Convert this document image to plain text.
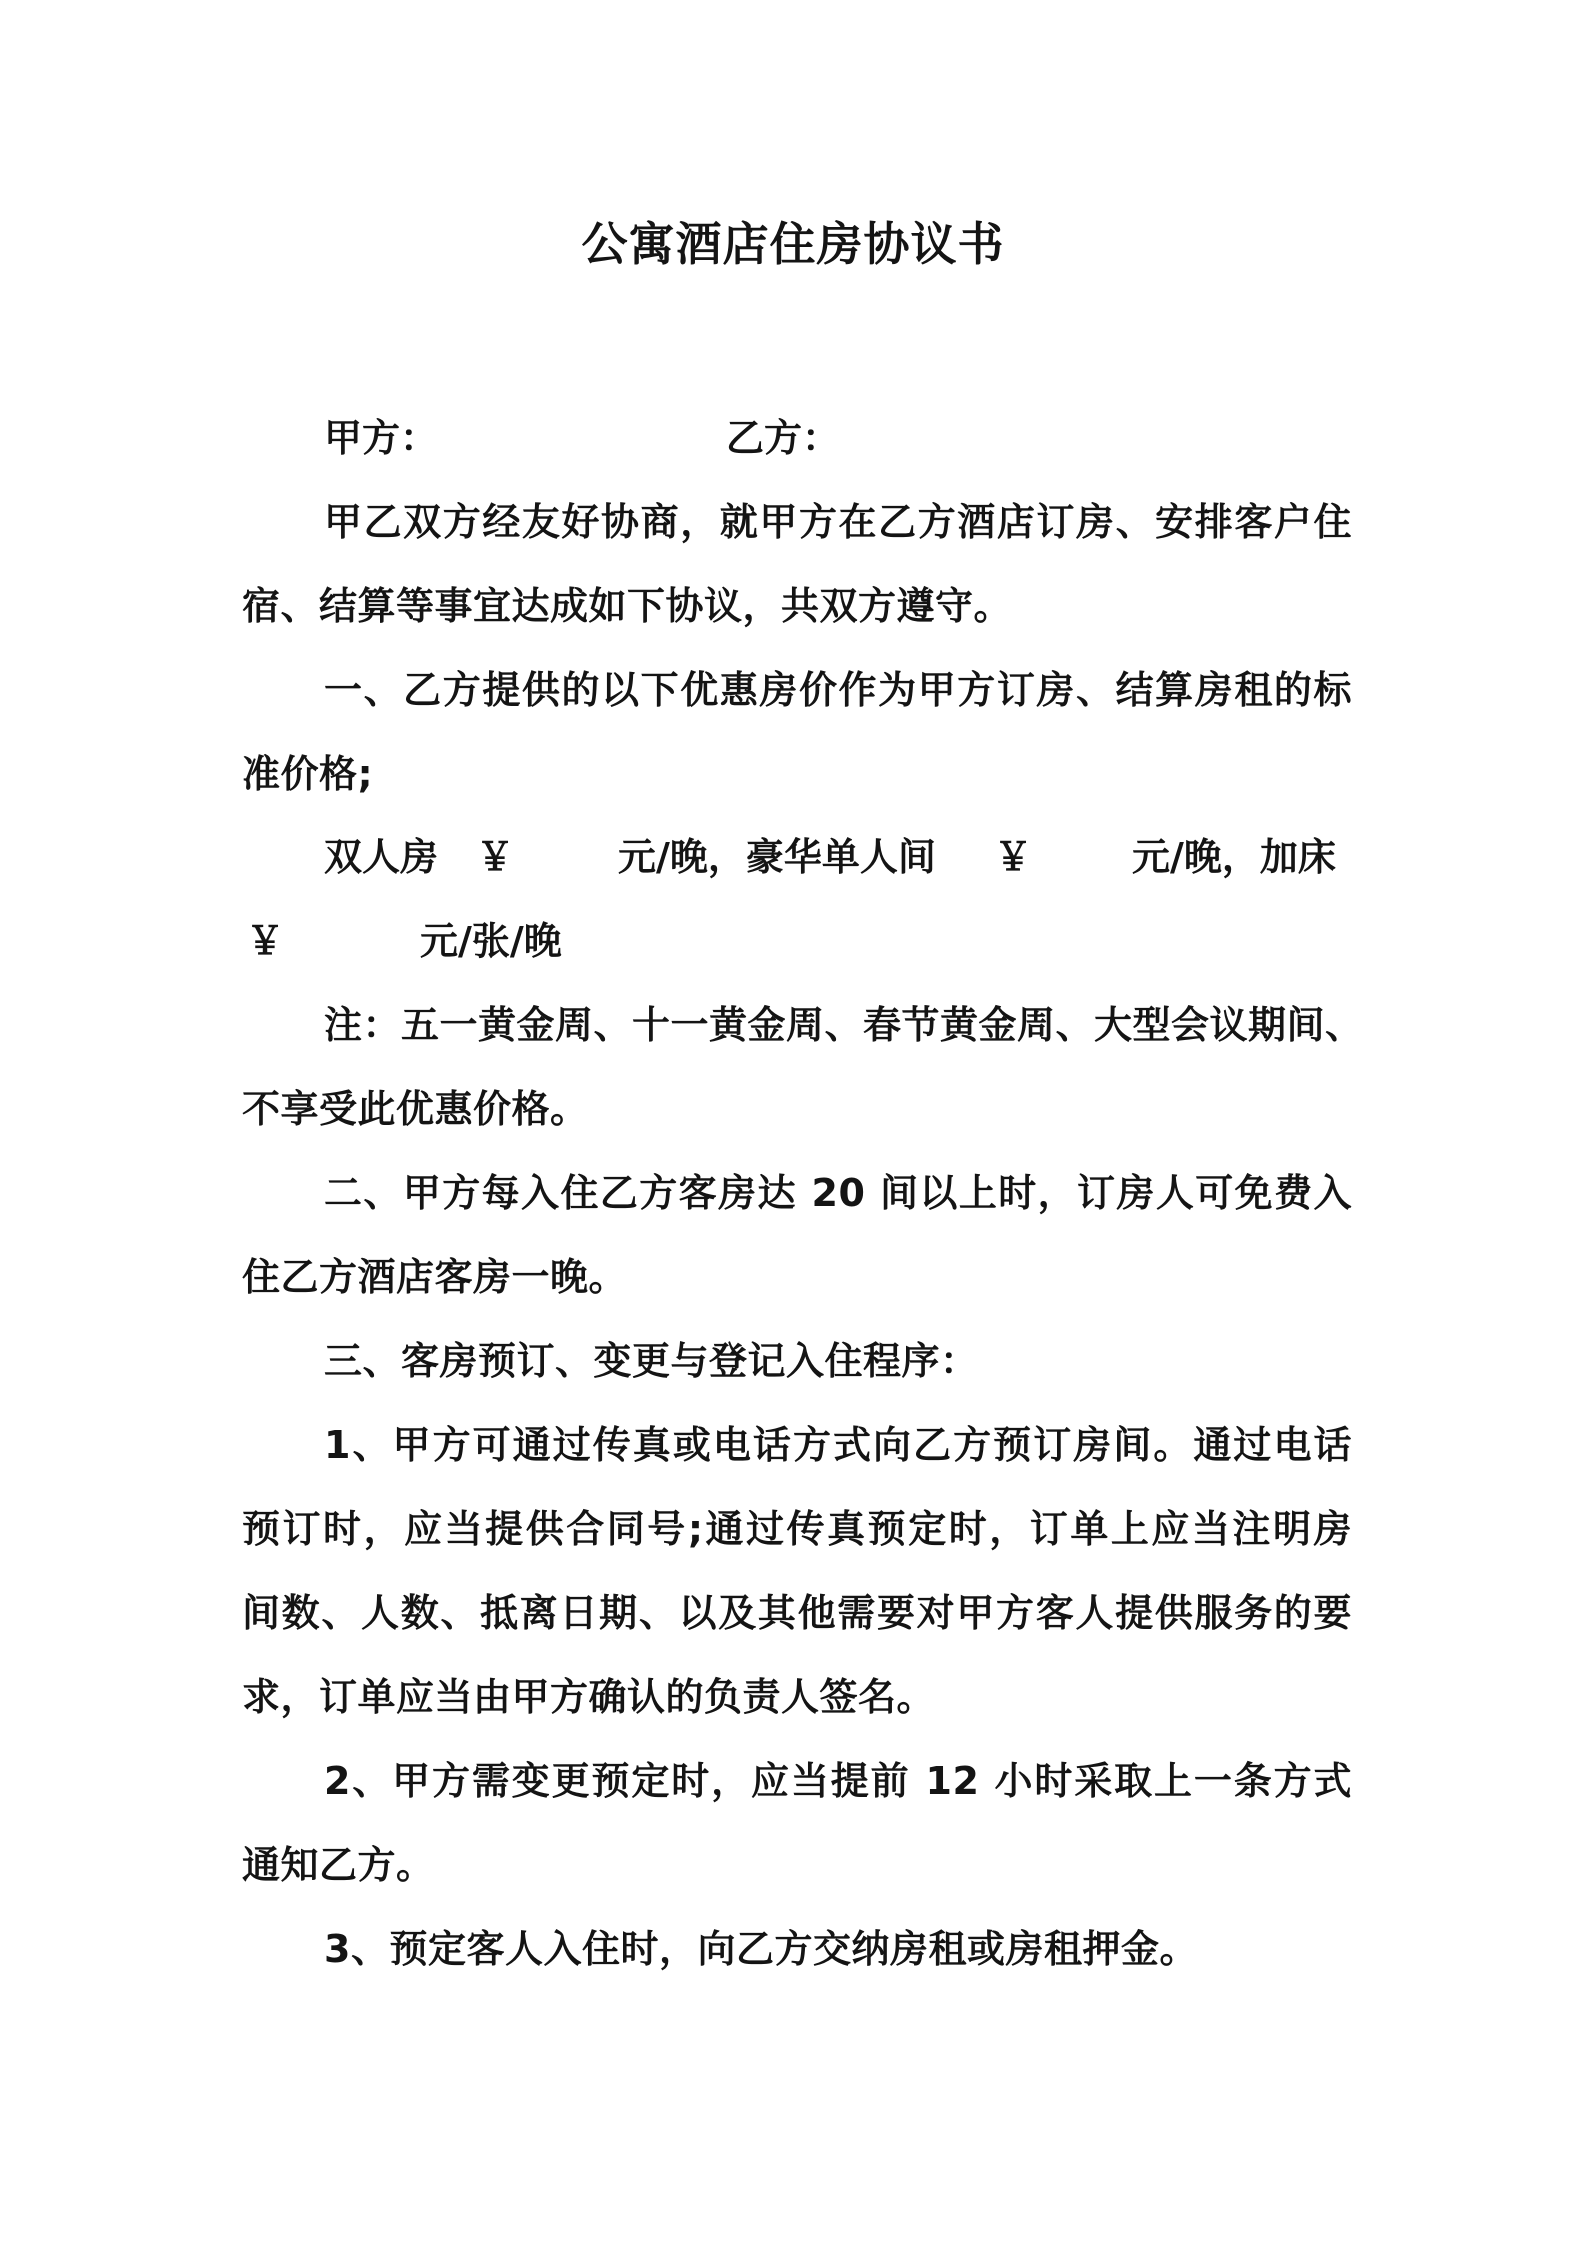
公寓酒店住房协议书
甲方：	乙方：
甲乙双方经友好协商，就甲方在乙方酒店订房、安排客户住
宿、结算等事宜达成如下协议，共双方遵守。
一、乙方提供的以下优惠房价作为甲方订房、结算房租的标
准价格;
双人房 ￥	元/晚，豪华单人间 ￥	元/晚，加床
￥	元/张/晚
注：五一黄金周、十一黄金周、春节黄金周、大型会议期间、
不享受此优惠价格。
二、甲方每入住乙方客房达 20 间以上时，订房人可免费入
住乙方酒店客房一晚。
三、客房预订、变更与登记入住程序：
1、甲方可通过传真或电话方式向乙方预订房间。通过电话
预订时，应当提供合同号;通过传真预定时，订单上应当注明房
间数、人数、抵离日期、以及其他需要对甲方客人提供服务的要
求，订单应当由甲方确认的负责人签名。
2、甲方需变更预定时，应当提前 12 小时采取上一条方式
通知乙方。
3、预定客人入住时，向乙方交纳房租或房租押金。
